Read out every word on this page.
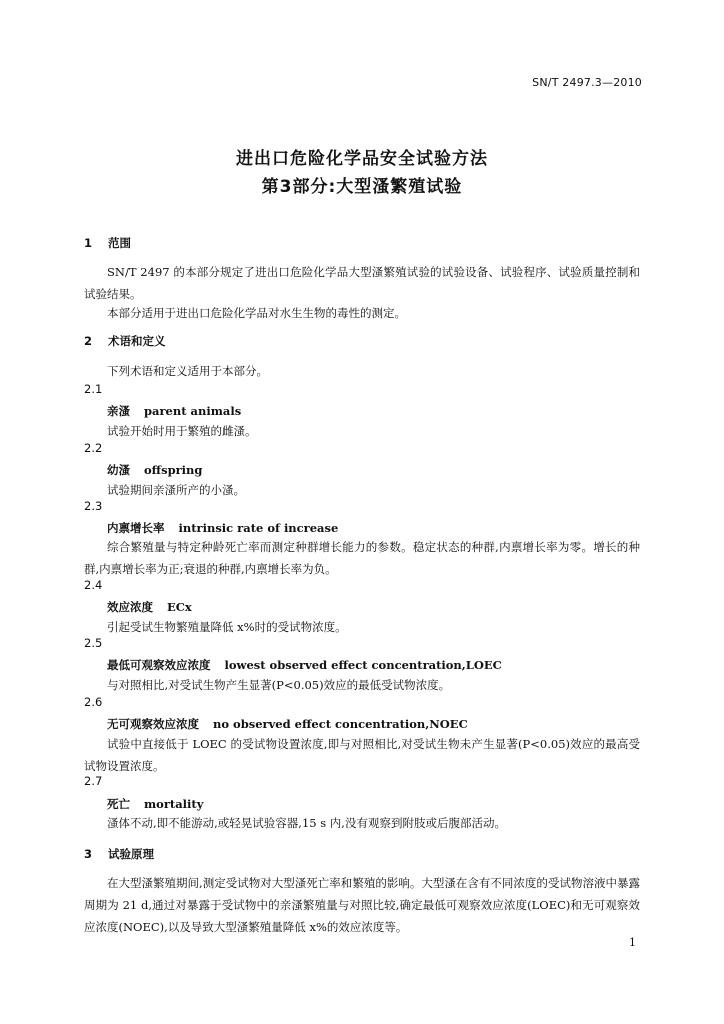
SN/T 2497.3—2010
进出口危险化学品安全试验方法
第3部分:大型溞繁殖试验
1 范围
SN/T 2497 的本部分规定了进出口危险化学品大型溞繁殖试验的试验设备、试验程序、试验质量控制和试验结果。
本部分适用于进出口危险化学品对水生生物的毒性的测定。
2 术语和定义
下列术语和定义适用于本部分。
2.1
亲溞 parent animals
试验开始时用于繁殖的雌溞。
2.2
幼溞 offspring
试验期间亲溞所产的小溞。
2.3
内禀增长率 intrinsic rate of increase
综合繁殖量与特定种龄死亡率而测定种群增长能力的参数。稳定状态的种群,内禀增长率为零。增长的种群,内禀增长率为正;衰退的种群,内禀增长率为负。
2.4
效应浓度 ECx
引起受试生物繁殖量降低 x%时的受试物浓度。
2.5
最低可观察效应浓度 lowest observed effect concentration,LOEC
与对照相比,对受试生物产生显著(P<0.05)效应的最低受试物浓度。
2.6
无可观察效应浓度 no observed effect concentration,NOEC
试验中直接低于 LOEC 的受试物设置浓度,即与对照相比,对受试生物未产生显著(P<0.05)效应的最高受试物设置浓度。
2.7
死亡 mortality
溞体不动,即不能游动,或轻晃试验容器,15 s 内,没有观察到附肢或后腹部活动。
3 试验原理
在大型溞繁殖期间,测定受试物对大型溞死亡率和繁殖的影响。大型溞在含有不同浓度的受试物溶液中暴露周期为 21 d,通过对暴露于受试物中的亲溞繁殖量与对照比较,确定最低可观察效应浓度(LOEC)和无可观察效应浓度(NOEC),以及导致大型溞繁殖量降低 x%的效应浓度等。
1
